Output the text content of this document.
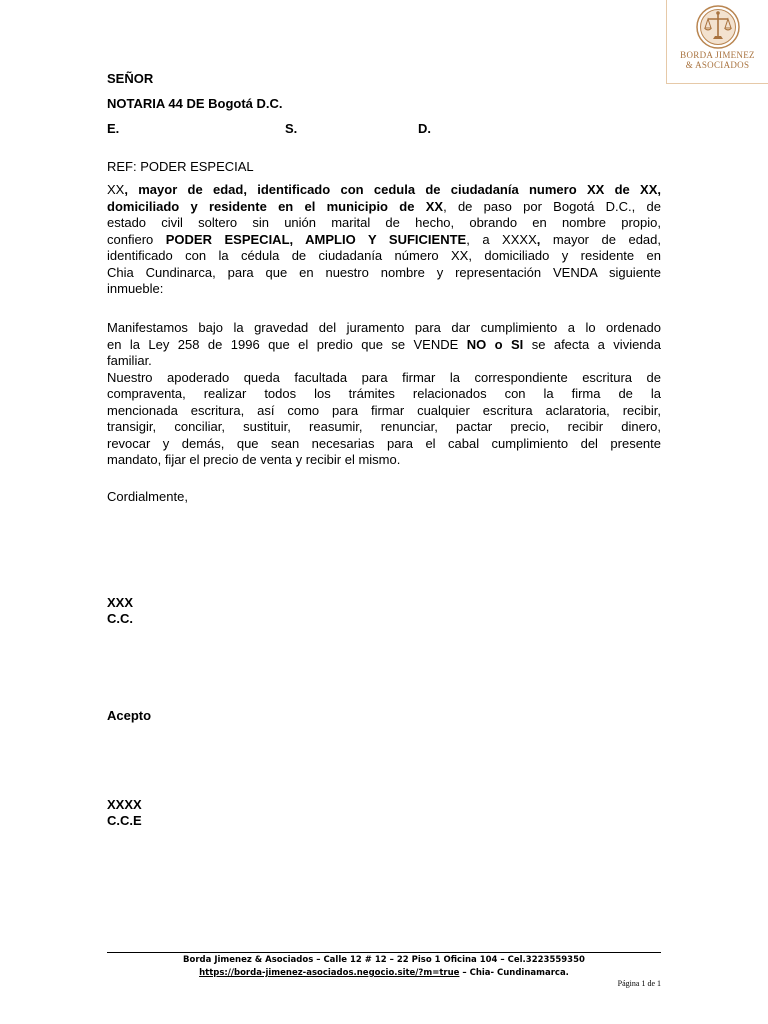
BORDA JIMENEZ
& ASOCIADOS
SEÑOR
NOTARIA 44 DE Bogotá D.C.
E.	S.	D.
REF: PODER ESPECIAL
XX, mayor de edad, identificado con cedula de ciudadanía numero XX de XX,
domiciliado y residente en el municipio de XX, de paso por Bogotá D.C., de
estado civil soltero sin unión marital de hecho, obrando en nombre propio,
confiero PODER ESPECIAL, AMPLIO Y SUFICIENTE, a XXXX, mayor de edad,
identificado con la cédula de ciudadanía número XX, domiciliado y residente en
Chia Cundinarca, para que en nuestro nombre y representación VENDA siguiente
inmueble:
Manifestamos bajo la gravedad del juramento para dar cumplimiento a lo ordenado
en la Ley 258 de 1996 que el predio que se VENDE NO o SI se afecta a vivienda
familiar.
Nuestro apoderado queda facultada para firmar la correspondiente escritura de
compraventa, realizar todos los trámites relacionados con la firma de la
mencionada escritura, así como para firmar cualquier escritura aclaratoria, recibir,
transigir, conciliar, sustituir, reasumir, renunciar, pactar precio, recibir dinero,
revocar y demás, que sean necesarias para el cabal cumplimiento del presente
mandato, fijar el precio de venta y recibir el mismo.
Cordialmente,
XXX
C.C.
Acepto
XXXX
C.C.E
Borda Jimenez & Asociados – Calle 12 # 12 – 22 Piso 1 Oficina 104 – Cel.3223559350
https://borda-jimenez-asociados.negocio.site/?m=true – Chia- Cundinamarca.
Página 1 de 1
